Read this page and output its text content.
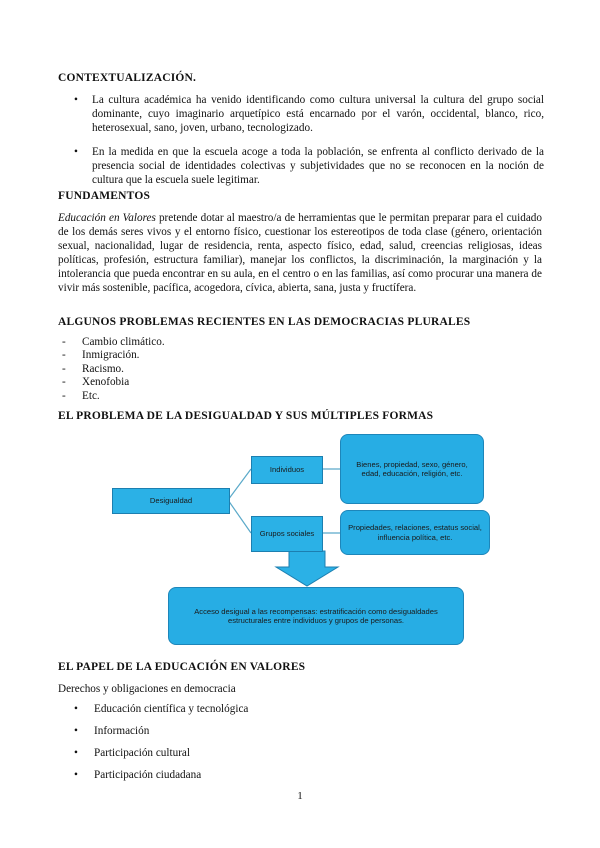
CONTEXTUALIZACIÓN.
• La cultura académica ha venido identificando como cultura universal la cultura del grupo social dominante, cuyo imaginario arquetípico está encarnado por el varón, occidental, blanco, rico, heterosexual, sano, joven, urbano, tecnologizado.
• En la medida en que la escuela acoge a toda la población, se enfrenta al conflicto derivado de la presencia social de identidades colectivas y subjetividades que no se reconocen en la noción de cultura que la escuela suele legitimar.
FUNDAMENTOS
Educación en Valores pretende dotar al maestro/a de herramientas que le permitan preparar para el cuidado de los demás seres vivos y el entorno físico, cuestionar los estereotipos de toda clase (género, orientación sexual, nacionalidad, lugar de residencia, renta, aspecto físico, edad, salud, creencias religiosas, ideas políticas, profesión, estructura familiar), manejar los conflictos, la discriminación, la marginación y la intolerancia que pueda encontrar en su aula, en el centro o en las familias, así como procurar una manera de vivir más sostenible, pacífica, acogedora, cívica, abierta, sana, justa y fructífera.
ALGUNOS PROBLEMAS RECIENTES EN LAS DEMOCRACIAS PLURALES
- Cambio climático.
- Inmigración.
- Racismo.
- Xenofobia
- Etc.
EL PROBLEMA DE LA DESIGUALDAD Y SUS MÚLTIPLES FORMAS
Desigualdad
Individuos
Grupos sociales
Bienes, propiedad, sexo, género, edad, educación, religión, etc.
Propiedades, relaciones, estatus social, influencia política, etc.
Acceso desigual a las recompensas: estratificación como desigualdades estructurales entre individuos y grupos de personas.
EL PAPEL DE LA EDUCACIÓN EN VALORES
Derechos y obligaciones en democracia
• Educación científica y tecnológica
• Información
• Participación cultural
• Participación ciudadana
1
